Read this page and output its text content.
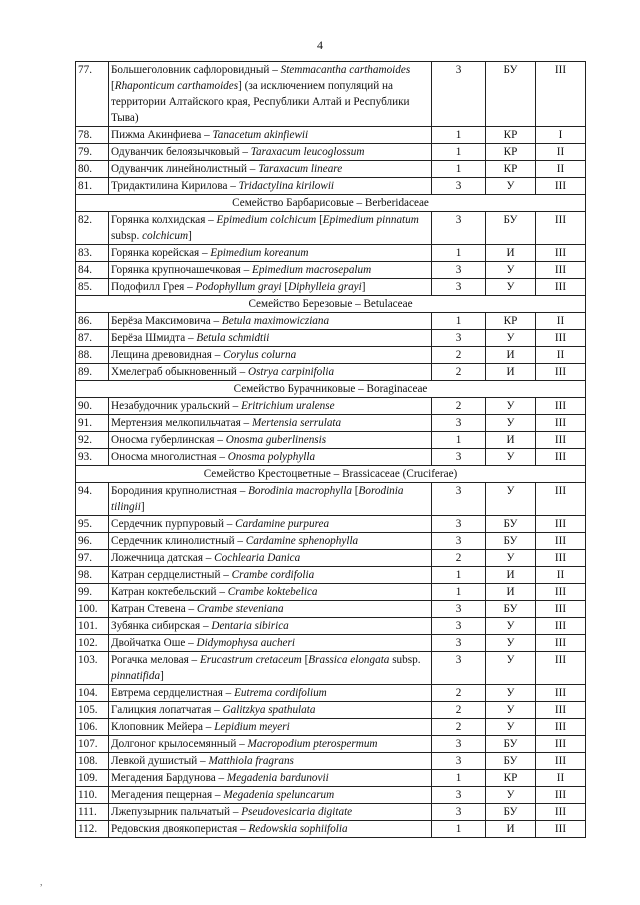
4
77.	Большеголовник сафлоровидный – Stemmacantha carthamoides [Rhaponticum carthamoides] (за исключением популяций на территории Алтайского края, Республики Алтай и Республики Тыва)	3	БУ	III
78.	Пижма Акинфиева – Tanacetum akinfiewii	1	КР	I
79.	Одуванчик белоязычковый – Taraxacum leucoglossum	1	КР	II
80.	Одуванчик линейнолистный – Taraxacum lineare	1	КР	II
81.	Тридактилина Кирилова – Tridactylina kirilowii	3	У	III
Семейство Барбарисовые – Berberidaceae				
82.	Горянка колхидская – Epimedium colchicum [Epimedium pinnatum subsp. colchicum]	3	БУ	III
83.	Горянка корейская – Epimedium koreanum	1	И	III
84.	Горянка крупночашечковая – Epimedium macrosepalum	3	У	III
85.	Подофилл Грея – Podophyllum grayi [Diphylleia grayi]	3	У	III
Семейство Березовые – Betulaceae				
86.	Берёза Максимовича – Betula maximowicziana	1	КР	II
87.	Берёза Шмидта – Betula schmidtii	3	У	III
88.	Лещина древовидная – Corylus colurna	2	И	II
89.	Хмелеграб обыкновенный – Ostrya carpinifolia	2	И	III
Семейство Бурачниковые – Boraginaceae				
90.	Незабудочник уральский – Eritrichium uralense	2	У	III
91.	Мертензия мелкопильчатая – Mertensia serrulata	3	У	III
92.	Оносма губерлинская – Onosma guberlinensis	1	И	III
93.	Оносма многолистная – Onosma polyphylla	3	У	III
Семейство Крестоцветные – Brassicaceae (Cruciferae)				
94.	Бородиния крупнолистная – Borodinia macrophylla [Borodinia tilingii]	3	У	III
95.	Сердечник пурпуровый – Cardamine purpurea	3	БУ	III
96.	Сердечник клинолистный – Cardamine sphenophylla	3	БУ	III
97.	Ложечница датская – Cochlearia Danica	2	У	III
98.	Катран сердцелистный – Crambe cordifolia	1	И	II
99.	Катран коктебельский – Crambe koktebelica	1	И	III
100.	Катран Стевена – Crambe steveniana	3	БУ	III
101.	Зубянка сибирская – Dentaria sibirica	3	У	III
102.	Двойчатка Оше – Didymophysa aucheri	3	У	III
103.	Рогачка меловая – Erucastrum cretaceum [Brassica elongata subsp. pinnatifida]	3	У	III
104.	Евтрема сердцелистная – Eutrema cordifolium	2	У	III
105.	Галицкия лопатчатая – Galitzkya spathulata	2	У	III
106.	Клоповник Мейера – Lepidium meyeri	2	У	III
107.	Долгоног крылосемянный – Macropodium pterospermum	3	БУ	III
108.	Левкой душистый – Matthiola fragrans	3	БУ	III
109.	Мегадения Бардунова – Megadenia bardunovii	1	КР	II
110.	Мегадения пещерная – Megadenia speluncarum	3	У	III
111.	Лжепузырник пальчатый – Pseudovesicaria digitate	3	БУ	III
112.	Редовския двоякоперистая – Redowskia sophiifolia	1	И	III
,
